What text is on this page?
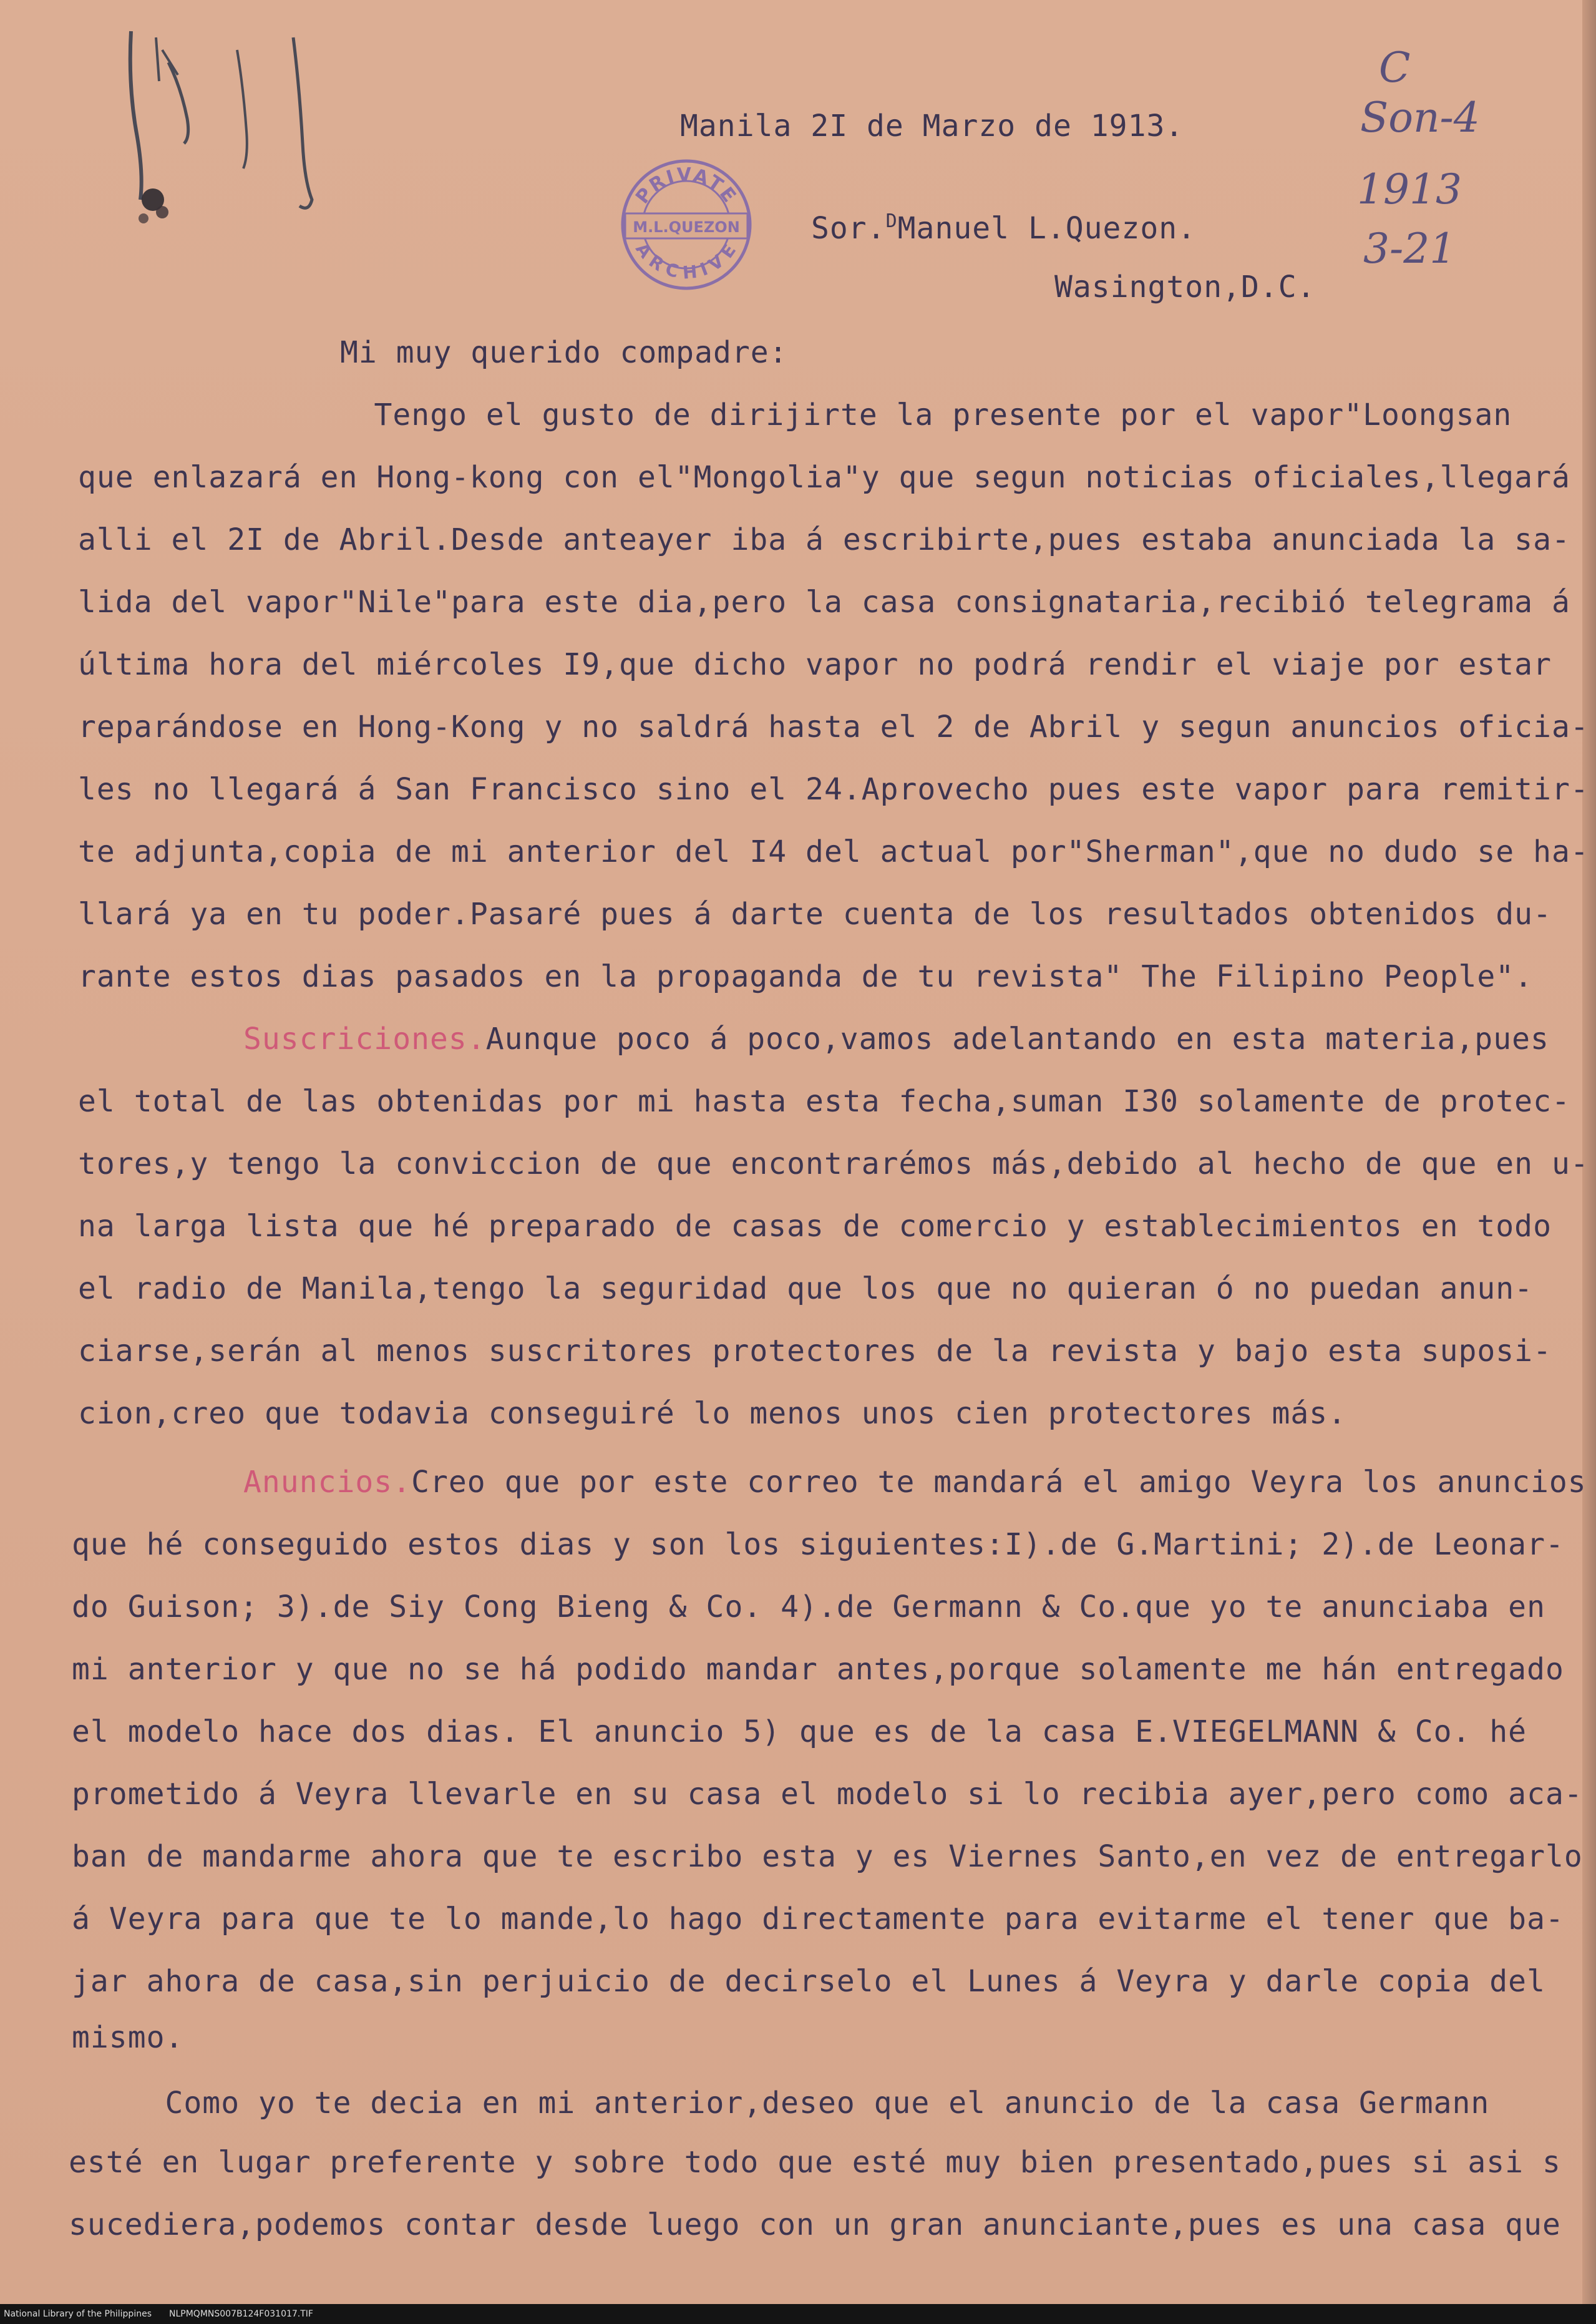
Manila 2I de Marzo de 1913.
PRIVATE
M.L.QUEZON
ARCHIVE
C
Son-4
1913
3-21
Sor.$^D$Manuel L.Quezon.
Wasington,D.C.
Mi muy querido compadre:
Tengo el gusto de dirijirte la presente por el vapor"Loongsan
que enlazará en Hong-kong con el"Mongolia"y que segun noticias oficiales,llegará
alli el 2I de Abril.Desde anteayer iba á escribirte,pues estaba anunciada la sa-
lida del vapor"Nile"para este dia,pero la casa consignataria,recibió telegrama á
última hora del miércoles I9,que dicho vapor no podrá rendir el viaje por estar
reparándose en Hong-Kong y no saldrá hasta el 2 de Abril y segun anuncios oficia-
les no llegará á San Francisco sino el 24.Aprovecho pues este vapor para remitir-
te adjunta,copia de mi anterior del I4 del actual por"Sherman",que no dudo se ha-
llará ya en tu poder.Pasaré pues á darte cuenta de los resultados obtenidos du-
rante estos dias pasados en la propaganda de tu revista" The Filipino People".
Suscriciones.Aunque poco á poco,vamos adelantando en esta materia,pues
el total de las obtenidas por mi hasta esta fecha,suman I30 solamente de protec-
tores,y tengo la conviccion de que encontrarémos más,debido al hecho de que en u-
na larga lista que hé preparado de casas de comercio y establecimientos en todo
el radio de Manila,tengo la seguridad que los que no quieran ó no puedan anun-
ciarse,serán al menos suscritores protectores de la revista y bajo esta suposi-
cion,creo que todavia conseguiré lo menos unos cien protectores más.
Anuncios.Creo que por este correo te mandará el amigo Veyra los anuncios
que hé conseguido estos dias y son los siguientes:I).de G.Martini; 2).de Leonar-
do Guison; 3).de Siy Cong Bieng & Co. 4).de Germann & Co.que yo te anunciaba en
mi anterior y que no se há podido mandar antes,porque solamente me hán entregado
el modelo hace dos dias. El anuncio 5) que es de la casa E.VIEGELMANN & Co. hé
prometido á Veyra llevarle en su casa el modelo si lo recibia ayer,pero como aca-
ban de mandarme ahora que te escribo esta y es Viernes Santo,en vez de entregarlo
á Veyra para que te lo mande,lo hago directamente para evitarme el tener que ba-
jar ahora de casa,sin perjuicio de decirselo el Lunes á Veyra y darle copia del
mismo.
Como yo te decia en mi anterior,deseo que el anuncio de la casa Germann
esté en lugar preferente y sobre todo que esté muy bien presentado,pues si asi s
sucediera,podemos contar desde luego con un gran anunciante,pues es una casa que
National Library of the Philippines NLPMQMNS007B124F031017.TIF
